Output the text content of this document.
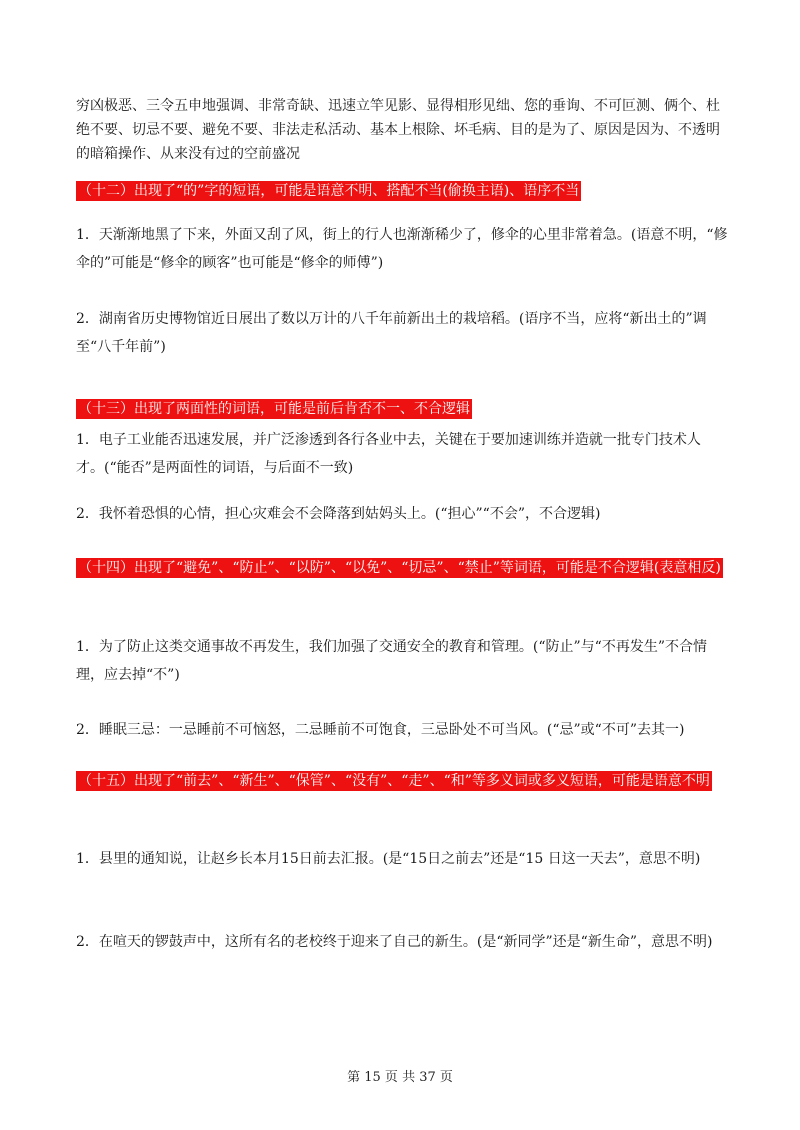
穷凶极恶、三令五申地强调、非常奇缺、迅速立竿见影、显得相形见绌、您的垂询、不可叵测、俩个、杜绝不要、切忌不要、避免不要、非法走私活动、基本上根除、坏毛病、目的是为了、原因是因为、不透明的暗箱操作、从来没有过的空前盛况

（十二）出现了“的”字的短语，可能是语意不明、搭配不当(偷换主语)、语序不当

1．天渐渐地黑了下来，外面又刮了风，街上的行人也渐渐稀少了，修伞的心里非常着急。(语意不明，“修伞的”可能是“修伞的顾客”也可能是“修伞的师傅”)

2．湖南省历史博物馆近日展出了数以万计的八千年前新出土的栽培稻。(语序不当，应将“新出土的”调至“八千年前”)

（十三）出现了两面性的词语，可能是前后肯否不一、不合逻辑

1．电子工业能否迅速发展，并广泛渗透到各行各业中去，关键在于要加速训练并造就一批专门技术人才。(“能否”是两面性的词语，与后面不一致)

2．我怀着恐惧的心情，担心灾难会不会降落到姑妈头上。(“担心”“不会”，不合逻辑)

（十四）出现了“避免”、“防止”、“以防”、“以免”、“切忌”、“禁止”等词语，可能是不合逻辑(表意相反)

1．为了防止这类交通事故不再发生，我们加强了交通安全的教育和管理。(“防止”与“不再发生”不合情理，应去掉“不”)

2．睡眠三忌：一忌睡前不可恼怒，二忌睡前不可饱食，三忌卧处不可当风。(“忌”或“不可”去其一)

（十五）出现了“前去”、“新生”、“保管”、“没有”、“走”、“和”等多义词或多义短语，可能是语意不明

1．县里的通知说，让赵乡长本月15日前去汇报。(是“15日之前去”还是“15 日这一天去”，意思不明)

2．在喧天的锣鼓声中，这所有名的老校终于迎来了自己的新生。(是“新同学”还是“新生命”，意思不明)

第 15 页 共 37 页
